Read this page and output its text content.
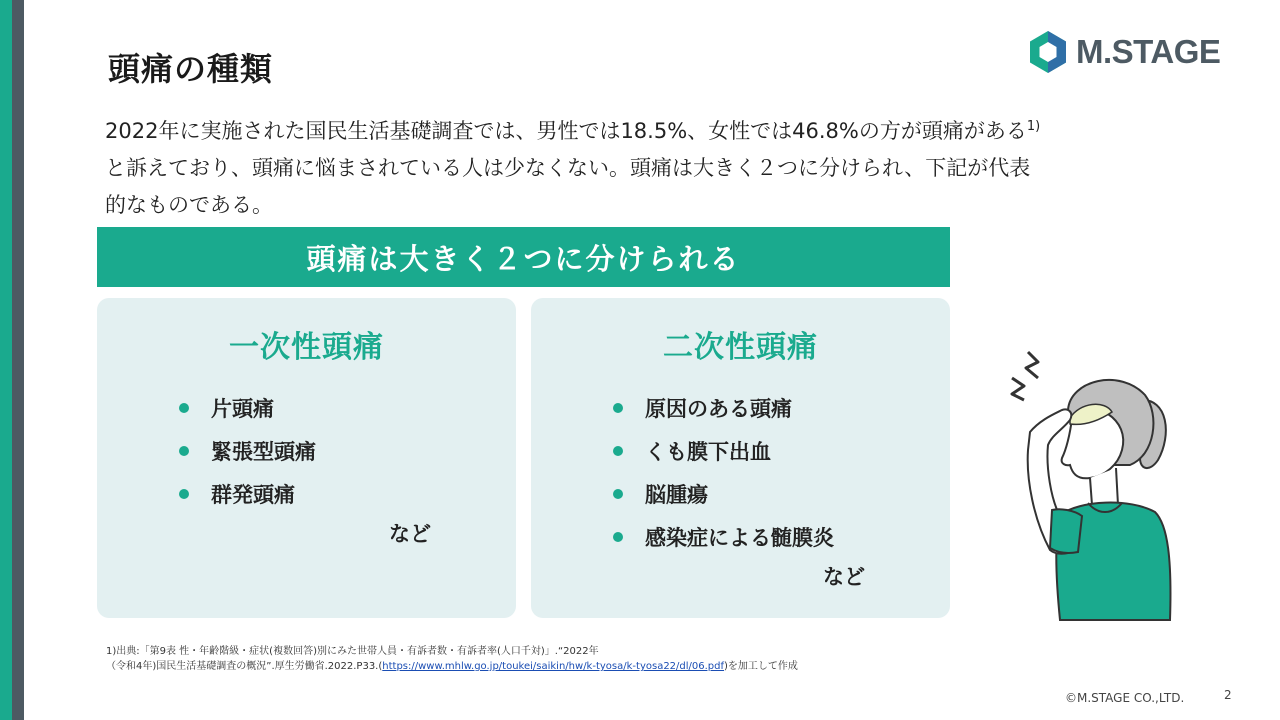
頭痛の種類	M.STAGE
2022年に実施された国民生活基礎調査では、男性では18.5%、女性では46.8%の方が頭痛がある$^{1)}$
と訴えており、頭痛に悩まされている人は少なくない。頭痛は大きく２つに分けられ、下記が代表
的なものである。
頭痛は大きく２つに分けられる
一次性頭痛
片頭痛
緊張型頭痛
群発頭痛
など
二次性頭痛
原因のある頭痛
くも膜下出血
脳腫瘍
感染症による髄膜炎
など
1)出典:「第9表 性・年齢階級・症状(複数回答)別にみた世帯人員・有訴者数・有訴者率(人口千対)」.“2022年
（令和4年)国民生活基礎調査の概況”.厚生労働省.2022.P33.(https://www.mhlw.go.jp/toukei/saikin/hw/k-tyosa/k-tyosa22/dl/06.pdf)を加工して作成
©M.STAGE CO.,LTD.	2
